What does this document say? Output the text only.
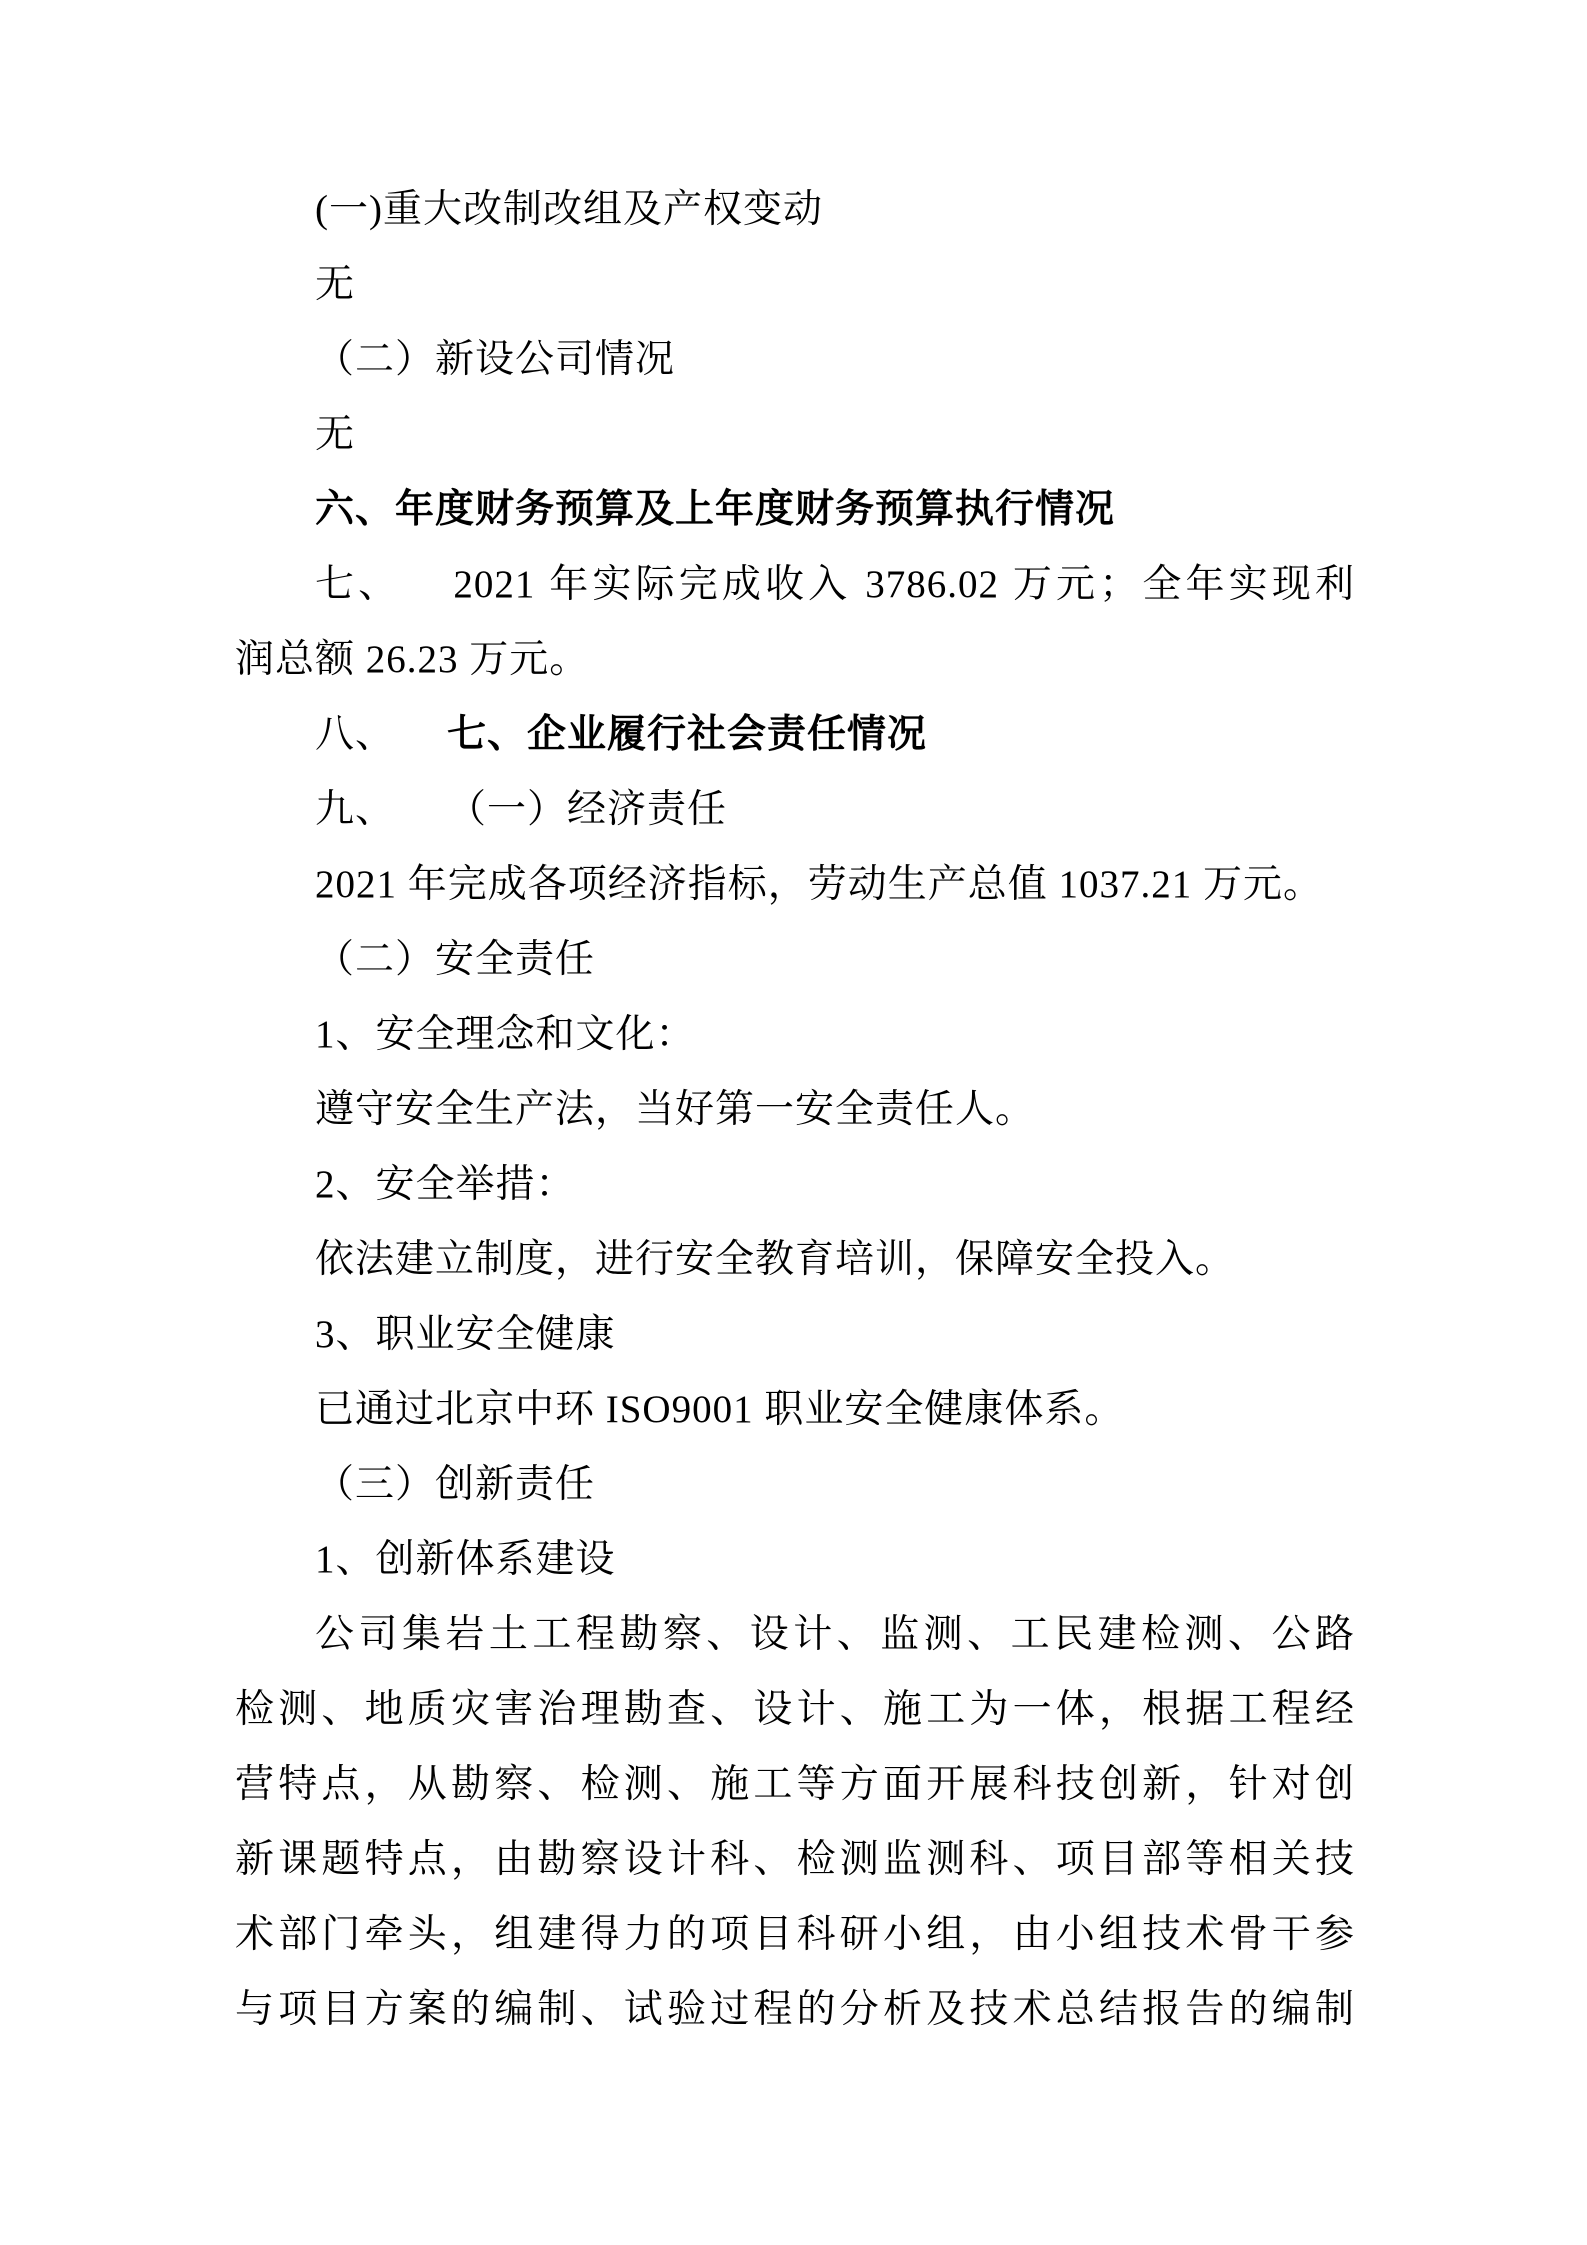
(一)重大改制改组及产权变动
无
（二）新设公司情况
无
六、年度财务预算及上年度财务预算执行情况
七、 2021 年实际完成收入 3786.02 万元；全年实现利
润总额 26.23 万元。
八、 七、企业履行社会责任情况
九、 （一）经济责任
2021 年完成各项经济指标，劳动生产总值 1037.21 万元。
（二）安全责任
1、安全理念和文化：
遵守安全生产法，当好第一安全责任人。
2、安全举措：
依法建立制度，进行安全教育培训，保障安全投入。
3、职业安全健康
已通过北京中环 ISO9001 职业安全健康体系。
（三）创新责任
1、创新体系建设
公司集岩土工程勘察、设计、监测、工民建检测、公路
检测、地质灾害治理勘查、设计、施工为一体，根据工程经
营特点，从勘察、检测、施工等方面开展科技创新，针对创
新课题特点，由勘察设计科、检测监测科、项目部等相关技
术部门牵头，组建得力的项目科研小组，由小组技术骨干参
与项目方案的编制、试验过程的分析及技术总结报告的编制
